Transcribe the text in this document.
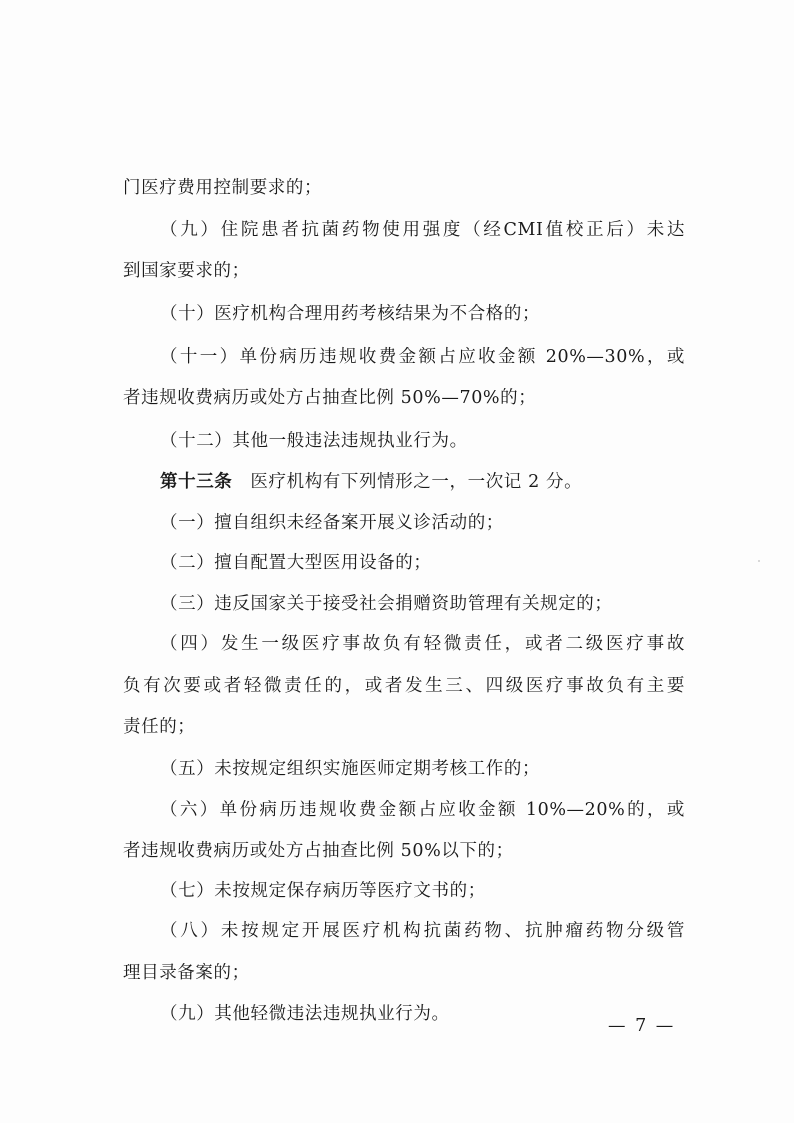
门医疗费用控制要求的；
（九）住院患者抗菌药物使用强度（经CMI值校正后）未达
到国家要求的；
（十）医疗机构合理用药考核结果为不合格的；
（十一）单份病历违规收费金额占应收金额 20%—30%，或
者违规收费病历或处方占抽查比例 50%—70%的；
（十二）其他一般违法违规执业行为。
第十三条 医疗机构有下列情形之一，一次记 2 分。
（一）擅自组织未经备案开展义诊活动的；
（二）擅自配置大型医用设备的；
（三）违反国家关于接受社会捐赠资助管理有关规定的；
（四）发生一级医疗事故负有轻微责任，或者二级医疗事故
负有次要或者轻微责任的，或者发生三、四级医疗事故负有主要
责任的；
（五）未按规定组织实施医师定期考核工作的；
（六）单份病历违规收费金额占应收金额 10%—20%的，或
者违规收费病历或处方占抽查比例 50%以下的；
（七）未按规定保存病历等医疗文书的；
（八）未按规定开展医疗机构抗菌药物、抗肿瘤药物分级管
理目录备案的；
（九）其他轻微违法违规执业行为。
— 7 —
